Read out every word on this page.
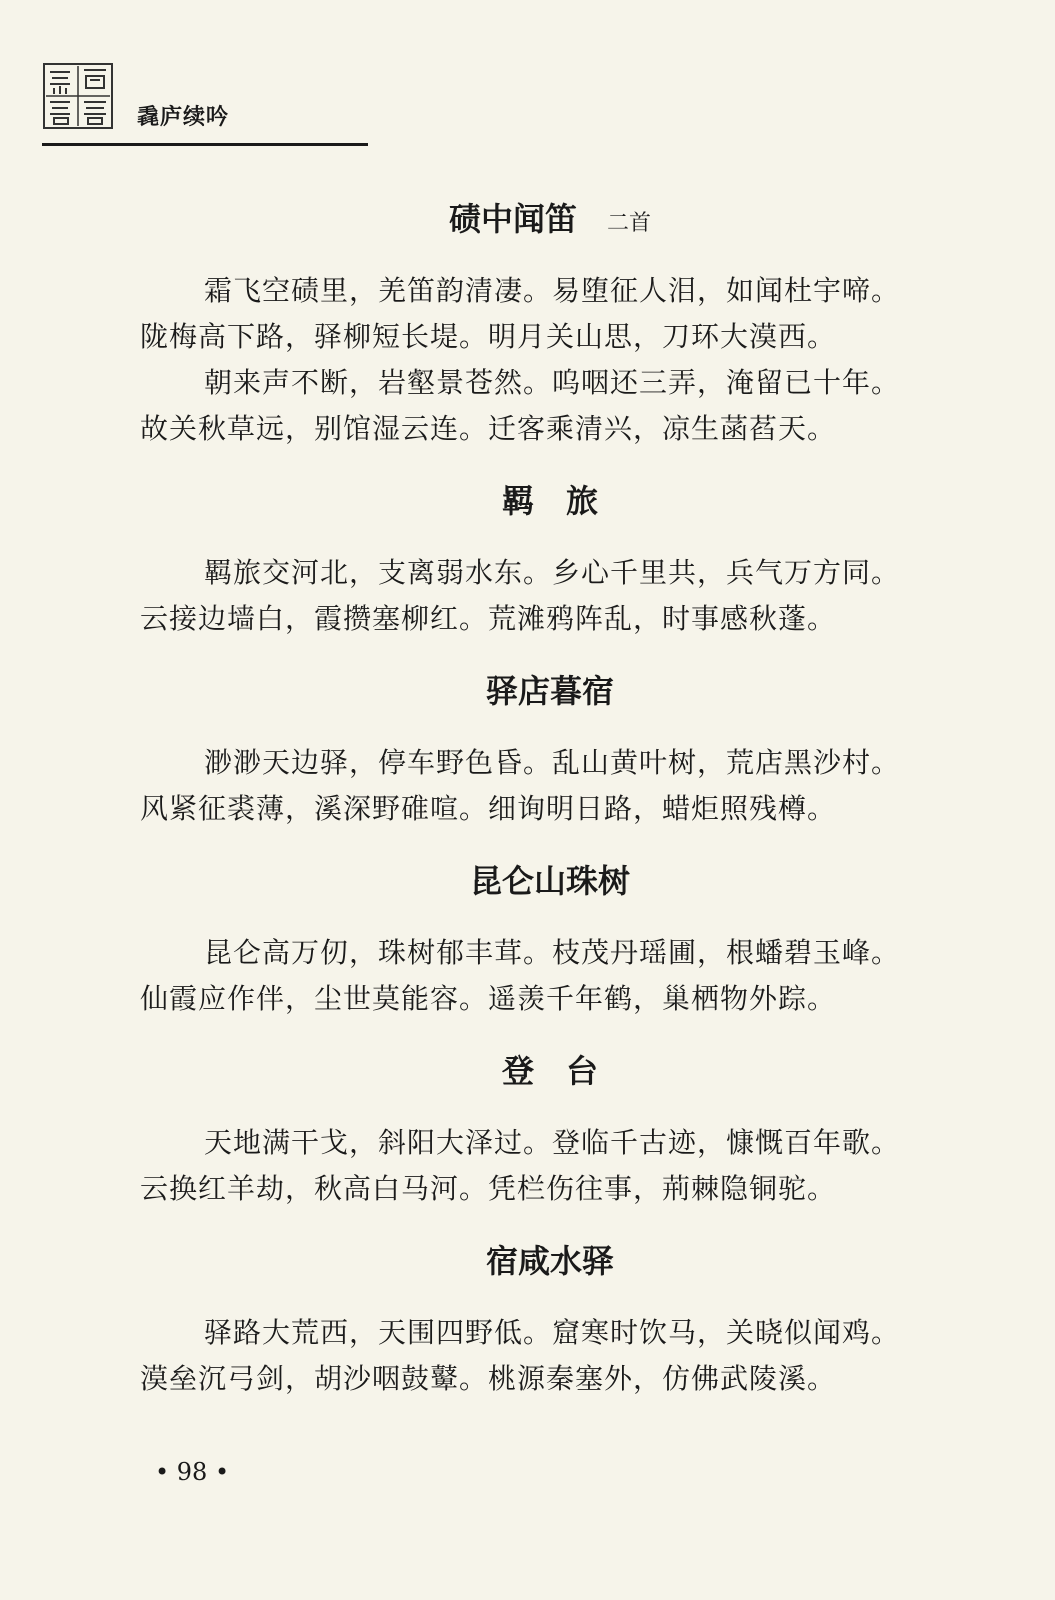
毳庐续吟
碛中闻笛 二首
霜飞空碛里，羌笛韵清凄。易堕征人泪，如闻杜宇啼。
陇梅高下路，驿柳短长堤。明月关山思，刀环大漠西。
朝来声不断，岩壑景苍然。呜咽还三弄，淹留已十年。
故关秋草远，别馆湿云连。迁客乘清兴，凉生菡萏天。
羁　旅
羁旅交河北，支离弱水东。乡心千里共，兵气万方同。
云接边墙白，霞攒塞柳红。荒滩鸦阵乱，时事感秋蓬。
驿店暮宿
渺渺天边驿，停车野色昏。乱山黄叶树，荒店黑沙村。
风紧征裘薄，溪深野碓喧。细询明日路，蜡炬照残樽。
昆仑山珠树
昆仑高万仞，珠树郁丰茸。枝茂丹瑶圃，根蟠碧玉峰。
仙霞应作伴，尘世莫能容。遥羡千年鹤，巢栖物外踪。
登　台
天地满干戈，斜阳大泽过。登临千古迹，慷慨百年歌。
云换红羊劫，秋高白马河。凭栏伤往事，荊棘隐铜驼。
宿咸水驿
驿路大荒西，天围四野低。窟寒时饮马，关晓似闻鸡。
漠垒沉弓剑，胡沙咽鼓鼙。桃源秦塞外，仿佛武陵溪。
• 98 •
